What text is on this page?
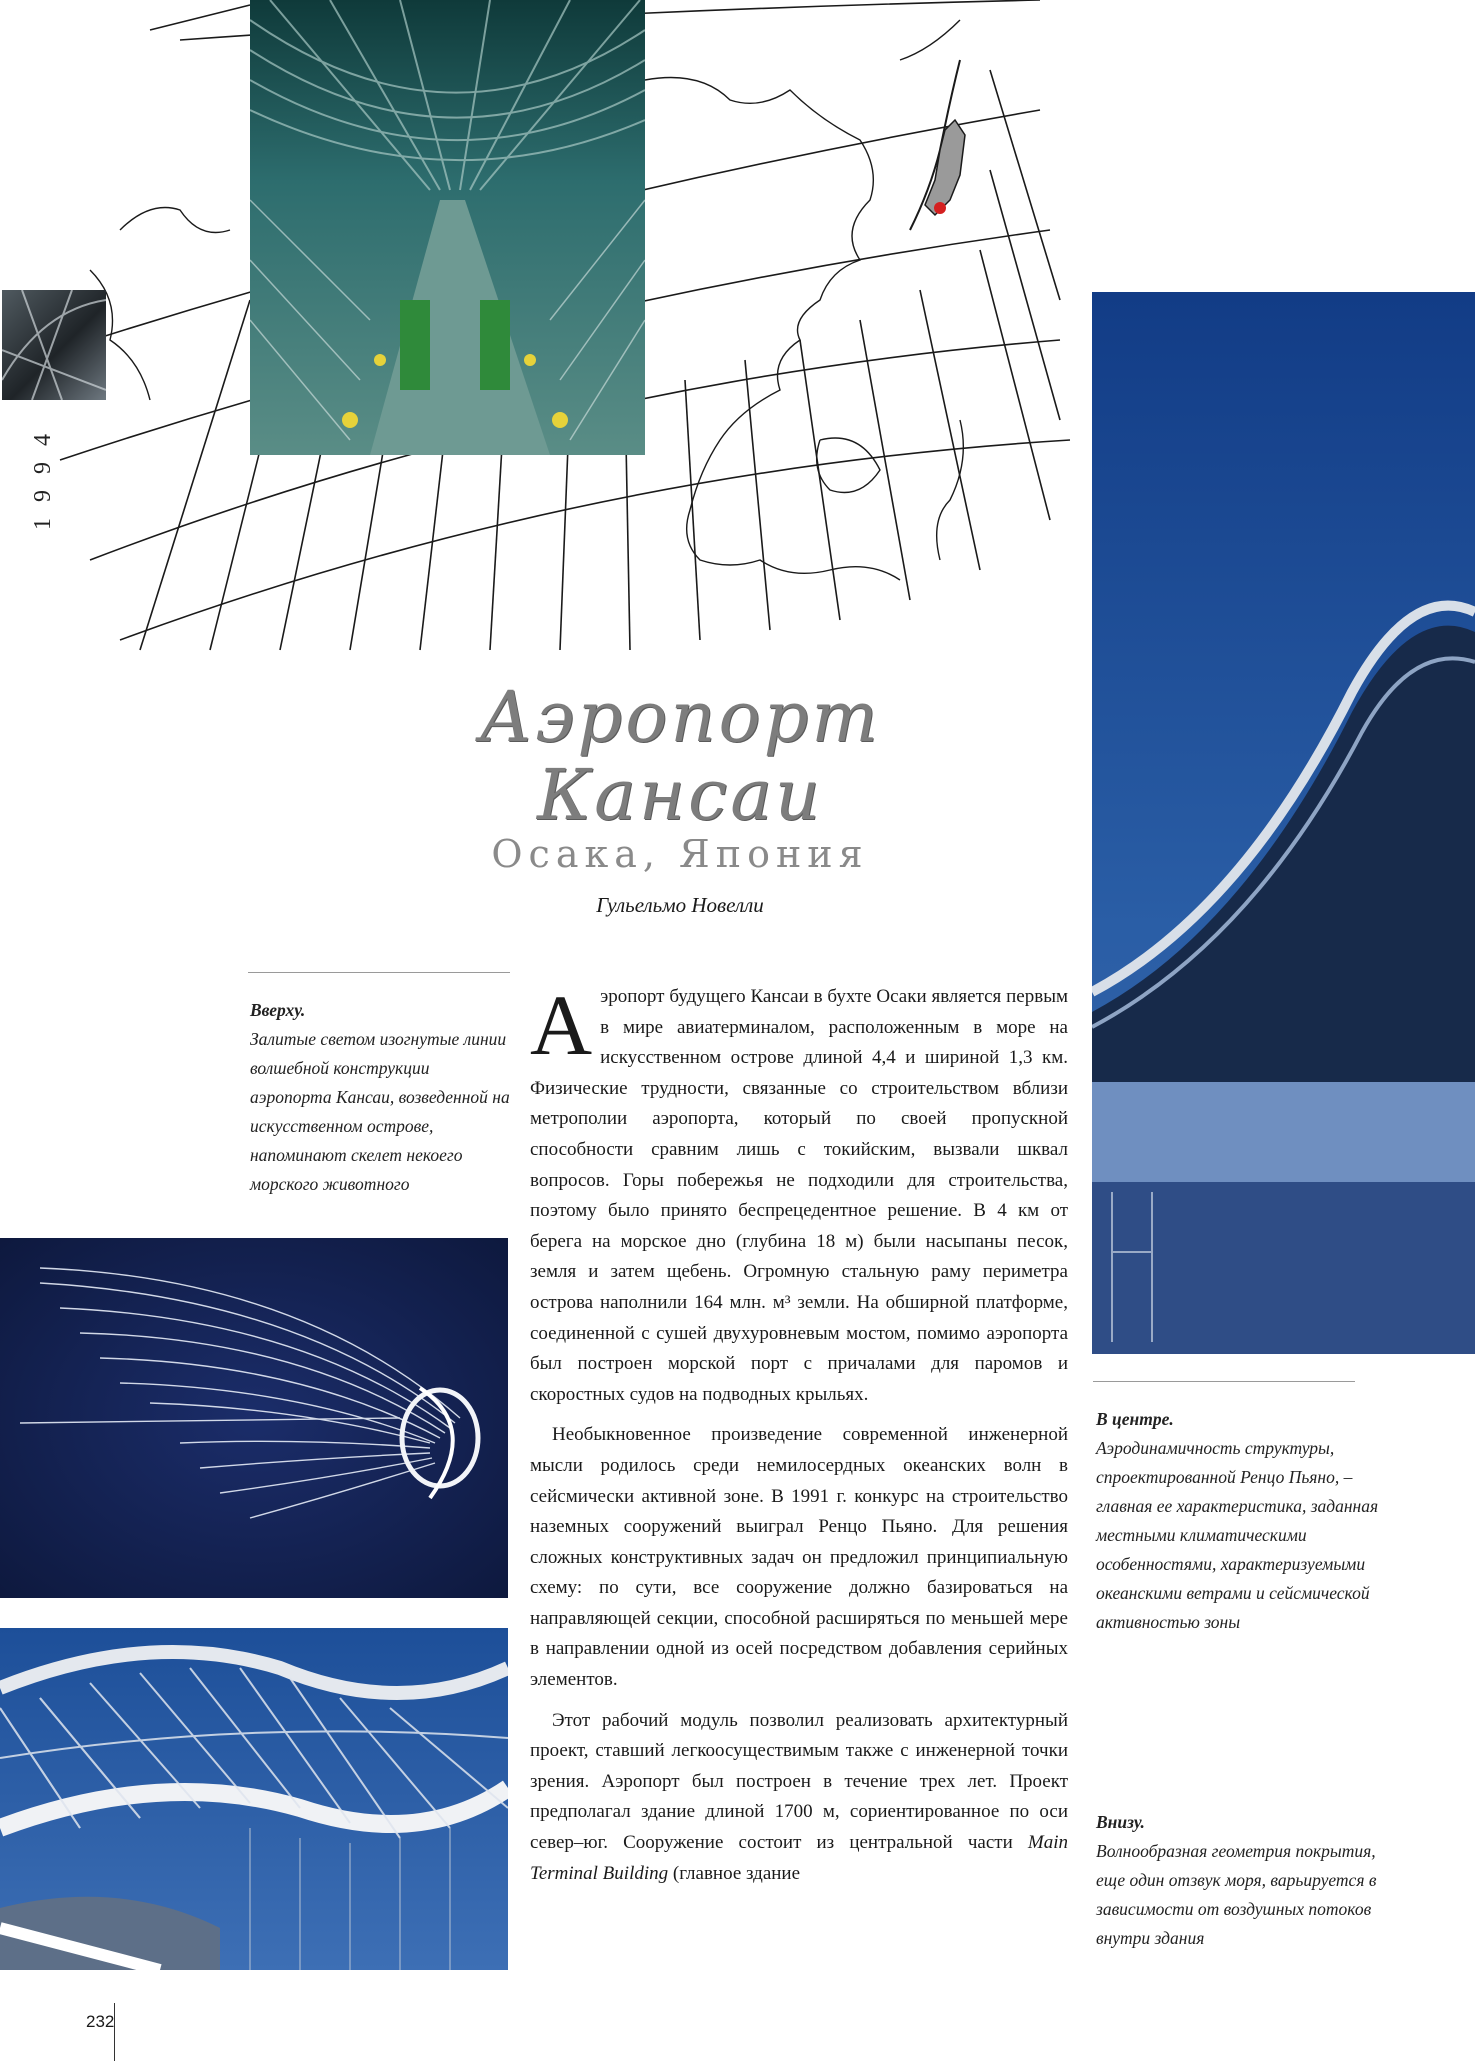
1994
Аэропорт
Кансаи
Осака, Япония
Гульельмо Новелли
Вверху.
Залитые светом изогнутые линии волшебной конструкции аэропорта Кансаи, возведенной на искусственном острове, напоминают скелет некоего морского животного
В центре.
Аэродинамичность структуры, спроектированной Ренцо Пьяно, – главная ее характеристика, заданная местными климатическими особенностями, характеризуемыми океанскими ветрами и сейсмической активностью зоны
Внизу.
Волнообразная геометрия покрытия, еще один отзвук моря, варьируется в зависимости от воздушных потоков внутри здания

Аэропорт будущего Кансаи в бухте Осаки является первым в мире авиатерминалом, расположенным в море на искусственном острове длиной 4,4 и шириной 1,3 км. Физические трудности, связанные со строительством вблизи метрополии аэропорта, который по своей пропускной способности сравним лишь с токийским, вызвали шквал вопросов. Горы побережья не подходили для строительства, поэтому было принято беспрецедентное решение. В 4 км от берега на морское дно (глубина 18 м) были насыпаны песок, земля и затем щебень. Огромную стальную раму периметра острова наполнили 164 млн. м³ земли. На обширной платформе, соединенной с сушей двухуровневым мостом, помимо аэропорта был построен морской порт с причалами для паромов и скоростных судов на подводных крыльях.

Необыкновенное произведение современной инженерной мысли родилось среди немилосердных океанских волн в сейсмически активной зоне. В 1991 г. конкурс на строительство наземных сооружений выиграл Ренцо Пьяно. Для решения сложных конструктивных задач он предложил принципиальную схему: по сути, все сооружение должно базироваться на направляющей секции, способной расширяться по меньшей мере в направлении одной из осей посредством добавления серийных элементов.

Этот рабочий модуль позволил реализовать архитектурный проект, ставший легкоосуществимым также с инженерной точки зрения. Аэропорт был построен в течение трех лет. Проект предполагал здание длиной 1700 м, сориентированное по оси север–юг. Сооружение состоит из центральной части Main Terminal Building (главное здание

232
